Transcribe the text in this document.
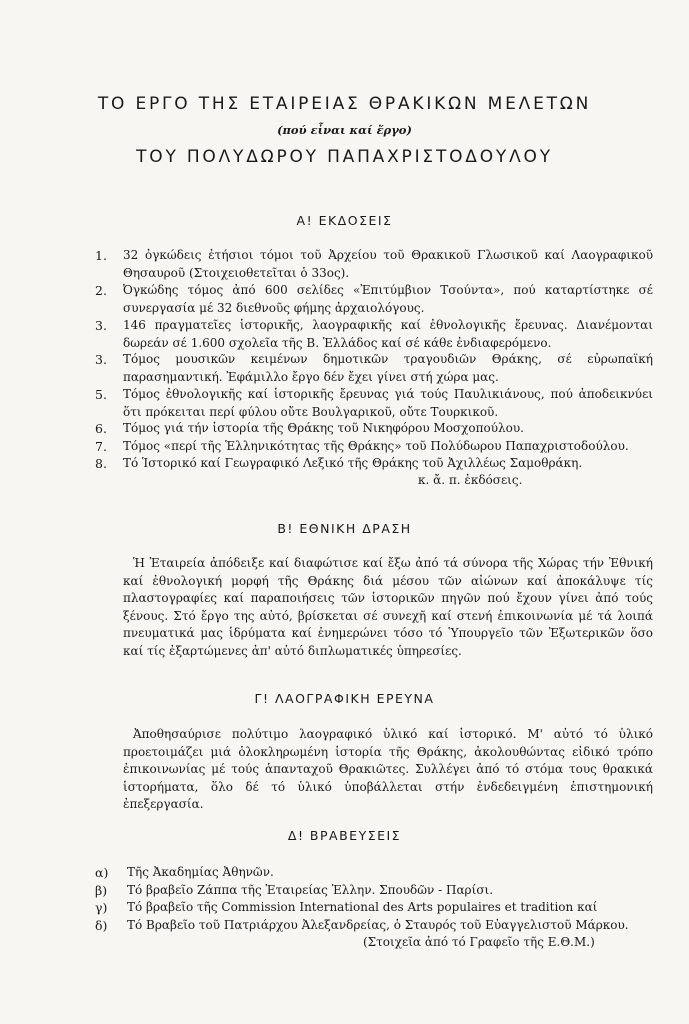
ΤΟ ΕΡΓΟ ΤΗΣ ΕΤΑΙΡΕΙΑΣ ΘΡΑΚΙΚΩΝ ΜΕΛΕΤΩΝ
(πού εἶναι καί ἔργο)
ΤΟΥ ΠΟΛΥΔΩΡΟΥ ΠΑΠΑΧΡΙΣΤΟΔΟΥΛΟΥ
Α! ΕΚΔΟΣΕΙΣ
1. 32 ὀγκώδεις ἐτήσιοι τόμοι τοῦ Ἀρχείου τοῦ Θρακικοῦ Γλωσικοῦ καί Λαογραφικοῦ Θησαυροῦ (Στοιχειοθετεῖται ὁ 33ος).
2. Ὀγκώδης τόμος ἀπό 600 σελίδες «Ἐπιτύμβιον Τσούντα», πού καταρτίστηκε σέ συνεργασία μέ 32 διεθνοῦς φήμης ἀρχαιολόγους.
3. 146 πραγματεῖες ἱστορικῆς, λαογραφικῆς καί ἐθνολογικῆς ἔρευνας. Διανέμονται δωρεάν σέ 1.600 σχολεῖα τῆς Β. Ἑλλάδος καί σέ κάθε ἐνδιαφερόμενο.
3. Τόμος μουσικῶν κειμένων δημοτικῶν τραγουδιῶν Θράκης, σέ εὐρωπαϊκή παρασημαντική. Ἐφάμιλλο ἔργο δέν ἔχει γίνει στή χώρα μας.
5. Τόμος ἐθνολογικῆς καί ἱστορικῆς ἔρευνας γιά τούς Παυλικιάνους, πού ἀποδεικνύει ὅτι πρόκειται περί φύλου οὔτε Βουλγαρικοῦ, οὔτε Τουρκικοῦ.
6. Τόμος γιά τήν ἱστορία τῆς Θράκης τοῦ Νικηφόρου Μοσχοπούλου.
7. Τόμος «περί τῆς Ἑλληνικότητας τῆς Θράκης» τοῦ Πολύδωρου Παπαχριστοδούλου.
8. Τό Ἱστορικό καί Γεωγραφικό Λεξικό τῆς Θράκης τοῦ Ἀχιλλέως Σαμοθράκη.
κ. ἄ. π. ἐκδόσεις.
Β! ΕΘΝΙΚΗ ΔΡΑΣΗ
Ἡ Ἑταιρεία ἀπόδειξε καί διαφώτισε καί ἔξω ἀπό τά σύνορα τῆς Χώρας τήν Ἐθνική καί ἐθνολογική μορφή τῆς Θράκης διά μέσου τῶν αἰώνων καί ἀποκάλυψε τίς πλαστογραφίες καί παραποιήσεις τῶν ἱστορικῶν πηγῶν πού ἔχουν γίνει ἀπό τούς ξένους. Στό ἔργο της αὐτό, βρίσκεται σέ συνεχῆ καί στενή ἐπικοινωνία μέ τά λοιπά πνευματικά μας ἱδρύματα καί ἐνημερώνει τόσο τό Ὑπουργεῖο τῶν Ἐξωτερικῶν ὅσο καί τίς ἐξαρτώμενες ἀπ' αὐτό διπλωματικές ὑπηρεσίες.
Γ! ΛΑΟΓΡΑΦΙΚΗ ΕΡΕΥΝΑ
Ἀποθησαύρισε πολύτιμο λαογραφικό ὑλικό καί ἱστορικό. Μ' αὐτό τό ὑλικό προετοιμάζει μιά ὁλοκληρωμένη ἱστορία τῆς Θράκης, ἀκολουθώντας εἰδικό τρόπο ἐπικοινωνίας μέ τούς ἁπανταχοῦ Θρακιῶτες. Συλλέγει ἀπό τό στόμα τους θρακικά ἱστορήματα, ὅλο δέ τό ὑλικό ὑποβάλλεται στήν ἐνδεδειγμένη ἐπιστημονική ἐπεξεργασία.
Δ! ΒΡΑΒΕΥΣΕΙΣ
α) Τῆς Ἀκαδημίας Ἀθηνῶν.
β) Τό βραβεῖο Ζάππα τῆς Ἑταιρείας Ἑλλην. Σπουδῶν - Παρίσι.
γ) Τό βραβεῖο τῆς Commission International des Arts populaires et tradition καί
δ) Τό Βραβεῖο τοῦ Πατριάρχου Ἀλεξανδρείας, ὁ Σταυρός τοῦ Εὐαγγελιστοῦ Μάρκου.
(Στοιχεῖα ἀπό τό Γραφεῖο τῆς Ε.Θ.Μ.)
